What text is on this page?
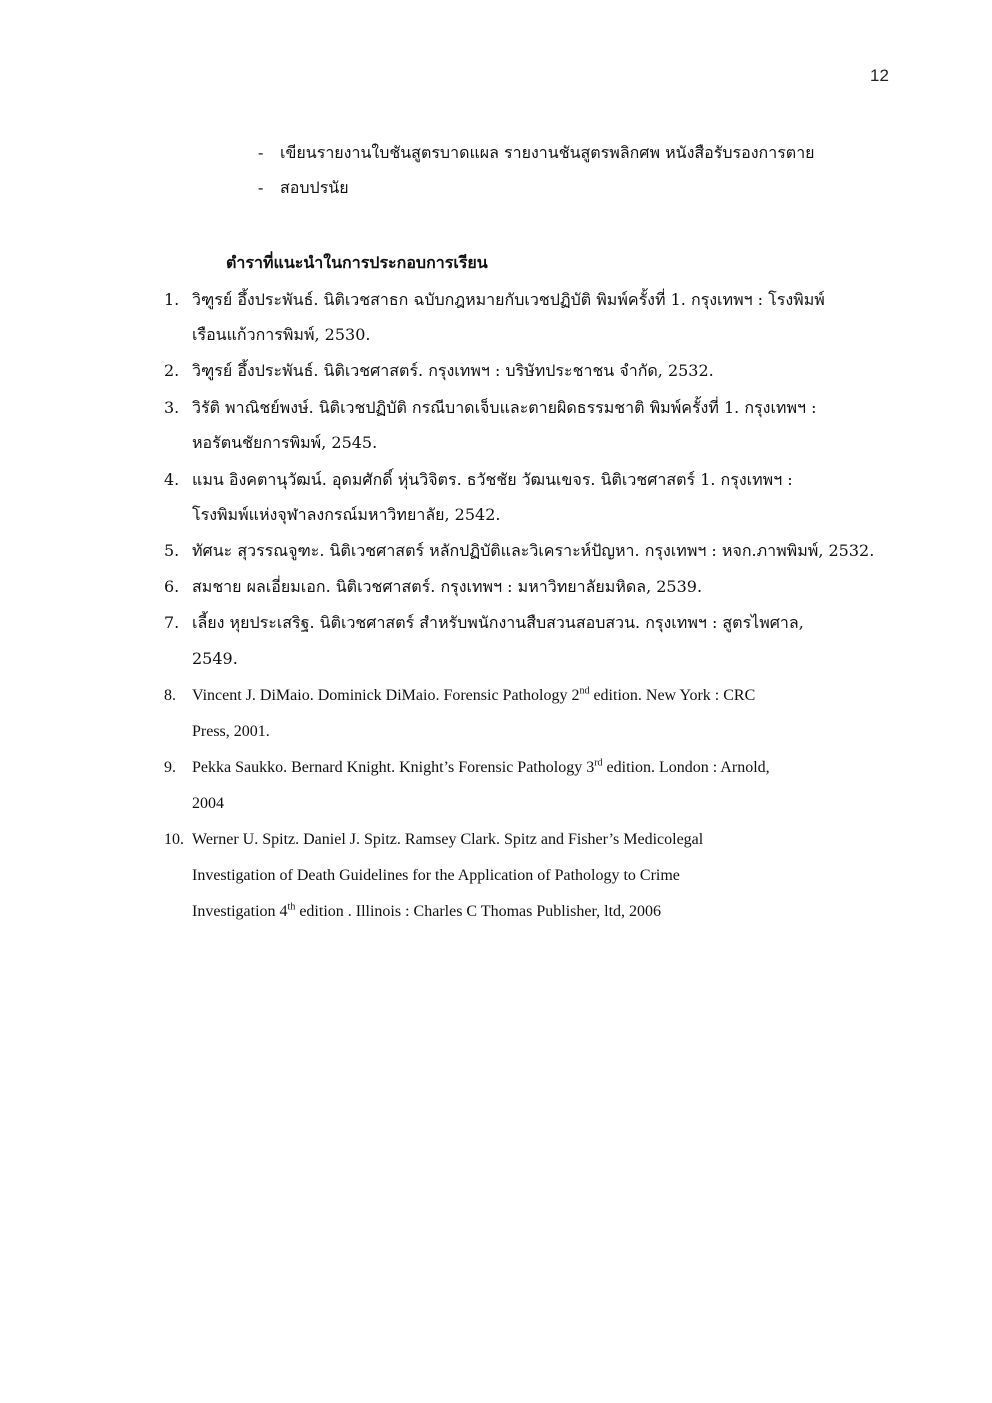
12
- เขียนรายงานใบชันสูตรบาดแผล รายงานชันสูตรพลิกศพ หนังสือรับรองการตาย
- สอบปรนัย
ตำราที่แนะนำในการประกอบการเรียน
1. วิฑูรย์ อึ้งประพันธ์. นิติเวชสาธก ฉบับกฎหมายกับเวชปฏิบัติ พิมพ์ครั้งที่ 1. กรุงเทพฯ : โรงพิมพ์
เรือนแก้วการพิมพ์, 2530.
2. วิฑูรย์ อึ้งประพันธ์. นิติเวชศาสตร์. กรุงเทพฯ : บริษัทประชาชน จำกัด, 2532.
3. วิรัติ พาณิชย์พงษ์. นิติเวชปฏิบัติ กรณีบาดเจ็บและตายผิดธรรมชาติ พิมพ์ครั้งที่ 1. กรุงเทพฯ :
หอรัตนชัยการพิมพ์, 2545.
4. แมน อิงคตานุวัฒน์. อุดมศักดิ์ หุ่นวิจิตร. ธวัชชัย วัฒนเขจร. นิติเวชศาสตร์ 1. กรุงเทพฯ :
โรงพิมพ์แห่งจุฬาลงกรณ์มหาวิทยาลัย, 2542.
5. ทัศนะ สุวรรณจูฑะ. นิติเวชศาสตร์ หลักปฏิบัติและวิเคราะห์ปัญหา. กรุงเทพฯ : หจก.ภาพพิมพ์, 2532.
6. สมชาย ผลเอี่ยมเอก. นิติเวชศาสตร์. กรุงเทพฯ : มหาวิทยาลัยมหิดล, 2539.
7. เลี้ยง หุยประเสริฐ. นิติเวชศาสตร์ สำหรับพนักงานสืบสวนสอบสวน. กรุงเทพฯ : สูตรไพศาล,
2549.
8. Vincent J. DiMaio. Dominick DiMaio. Forensic Pathology 2nd edition. New York : CRC
Press, 2001.
9. Pekka Saukko. Bernard Knight. Knight’s Forensic Pathology 3rd edition. London : Arnold,
2004
10. Werner U. Spitz. Daniel J. Spitz. Ramsey Clark. Spitz and Fisher’s Medicolegal
Investigation of Death Guidelines for the Application of Pathology to Crime
Investigation 4th edition . Illinois : Charles C Thomas Publisher, ltd, 2006
